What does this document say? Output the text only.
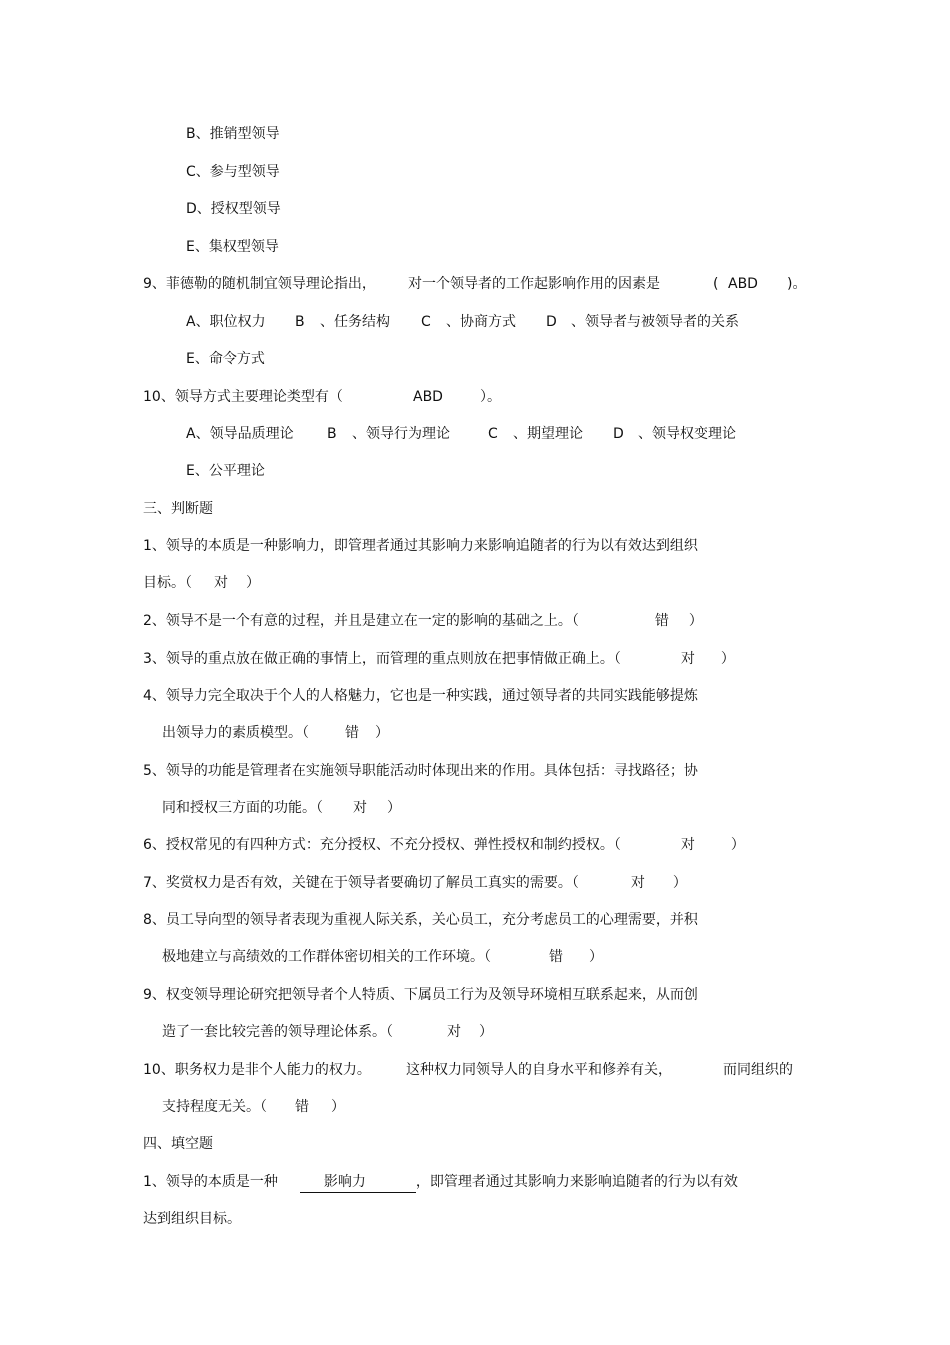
B、推销型领导
C、参与型领导
D、授权型领导
E、集权型领导
9、菲德勒的随机制宜领导理论指出， 对一个领导者的工作起影响作用的因素是	( ABD )。
A、职位权力 B 、任务结构 C 、协商方式 D 、领导者与被领导者的关系
E、命令方式
10、领导方式主要理论类型有（	ABD	）。
A、领导品质理论 B 、领导行为理论	C 、期望理论 D 、领导权变理论
E、公平理论
三、判断题
1、领导的本质是一种影响力，即管理者通过其影响力来影响追随者的行为以有效达到组织
目标。（ 对 ）
2、领导不是一个有意的过程，并且是建立在一定的影响的基础之上。（	错 ）
3、领导的重点放在做正确的事情上，而管理的重点则放在把事情做正确上。（	对 ）
4、领导力完全取决于个人的人格魅力，它也是一种实践，通过领导者的共同实践能够提炼
出领导力的素质模型。（	错 ）
5、领导的功能是管理者在实施领导职能活动时体现出来的作用。具体包括：寻找路径；协
同和授权三方面的功能。（ 对 ）
6、授权常见的有四种方式：充分授权、不充分授权、弹性授权和制约授权。（	对	）
7、奖赏权力是否有效，关键在于领导者要确切了解员工真实的需要。（	对 ）
8、员工导向型的领导者表现为重视人际关系，关心员工，充分考虑员工的心理需要，并积
极地建立与高绩效的工作群体密切相关的工作环境。（	错 ）
9、权变领导理论研究把领导者个人特质、下属员工行为及领导环境相互联系起来，从而创
造了一套比较完善的领导理论体系。（	对 ）
10、职务权力是非个人能力的权力。	这种权力同领导人的自身水平和修养有关，	而同组织的
支持程度无关。（ 错 ）
四、填空题
1、领导的本质是一种	影响力	，即管理者通过其影响力来影响追随者的行为以有效
达到组织目标。
